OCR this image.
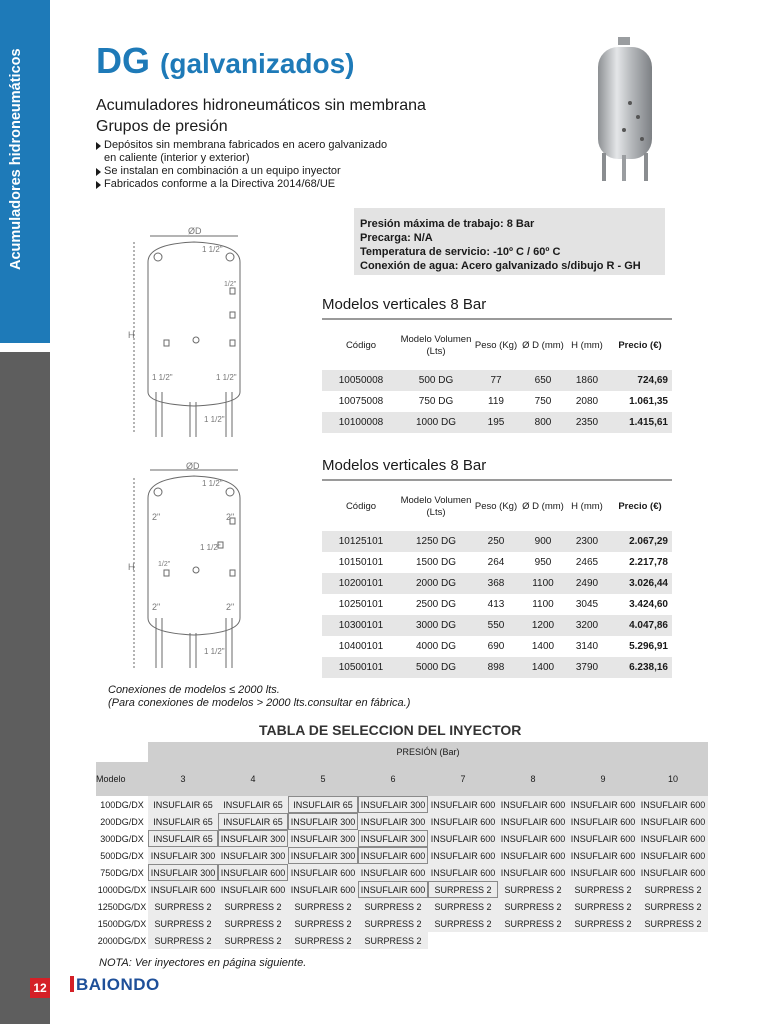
Acumuladores hidroneumáticos
12
DG (galvanizados)
Acumuladores hidroneumáticos sin membrana
Grupos de presión
Depósitos sin membrana fabricados en acero galvanizado
en caliente (interior y exterior)
Se instalan en combinación a un equipo inyector
Fabricados conforme a la Directiva 2014/68/UE
Presión máxima de trabajo: 8 Bar
Precarga: N/A
Temperatura de servicio: -10º C / 60º C
Conexión de agua: Acero galvanizado s/dibujo R - GH
ØD
H
1 1/2"
1/2"
1 1/2"	1 1/2"
1 1/2"
Modelos verticales 8 Bar
Código	Modelo Volumen (Lts)	Peso (Kg)	Ø D (mm)	H (mm)	Precio (€)
10050008	500 DG	77	650	1860	724,69
10075008	750 DG	119	750	2080	1.061,35
10100008	1000 DG	195	800	2350	1.415,61
ØD
H
1 1/2"
2"	2"
1 1/2"
1/2"
2"	2"
1 1/2"
Modelos verticales 8 Bar
Código	Modelo Volumen (Lts)	Peso (Kg)	Ø D (mm)	H (mm)	Precio (€)
10125101	1250 DG	250	900	2300	2.067,29
10150101	1500 DG	264	950	2465	2.217,78
10200101	2000 DG	368	1100	2490	3.026,44
10250101	2500 DG	413	1100	3045	3.424,60
10300101	3000 DG	550	1200	3200	4.047,86
10400101	4000 DG	690	1400	3140	5.296,91
10500101	5000 DG	898	1400	3790	6.238,16
Conexiones de modelos ≤ 2000 lts.
(Para conexiones de modelos > 2000 lts.consultar en fábrica.)
TABLA DE SELECCION DEL INYECTOR
	PRESIÓN (Bar)							
Modelo	3	4	5	6	7	8	9	10
100DG/DX	INSUFLAIR 65	INSUFLAIR 65	INSUFLAIR 65	INSUFLAIR 300	INSUFLAIR 600	INSUFLAIR 600	INSUFLAIR 600	INSUFLAIR 600
200DG/DX	INSUFLAIR 65	INSUFLAIR 65	INSUFLAIR 300	INSUFLAIR 300	INSUFLAIR 600	INSUFLAIR 600	INSUFLAIR 600	INSUFLAIR 600
300DG/DX	INSUFLAIR 65	INSUFLAIR 300	INSUFLAIR 300	INSUFLAIR 300	INSUFLAIR 600	INSUFLAIR 600	INSUFLAIR 600	INSUFLAIR 600
500DG/DX	INSUFLAIR 300	INSUFLAIR 300	INSUFLAIR 300	INSUFLAIR 600	INSUFLAIR 600	INSUFLAIR 600	INSUFLAIR 600	INSUFLAIR 600
750DG/DX	INSUFLAIR 300	INSUFLAIR 600	INSUFLAIR 600	INSUFLAIR 600	INSUFLAIR 600	INSUFLAIR 600	INSUFLAIR 600	INSUFLAIR 600
1000DG/DX	INSUFLAIR 600	INSUFLAIR 600	INSUFLAIR 600	INSUFLAIR 600	SURPRESS 2	SURPRESS 2	SURPRESS 2	SURPRESS 2
1250DG/DX	SURPRESS 2	SURPRESS 2	SURPRESS 2	SURPRESS 2	SURPRESS 2	SURPRESS 2	SURPRESS 2	SURPRESS 2
1500DG/DX	SURPRESS 2	SURPRESS 2	SURPRESS 2	SURPRESS 2	SURPRESS 2	SURPRESS 2	SURPRESS 2	SURPRESS 2
2000DG/DX	SURPRESS 2	SURPRESS 2	SURPRESS 2	SURPRESS 2				
NOTA: Ver inyectores en página siguiente.
BAIONDO
